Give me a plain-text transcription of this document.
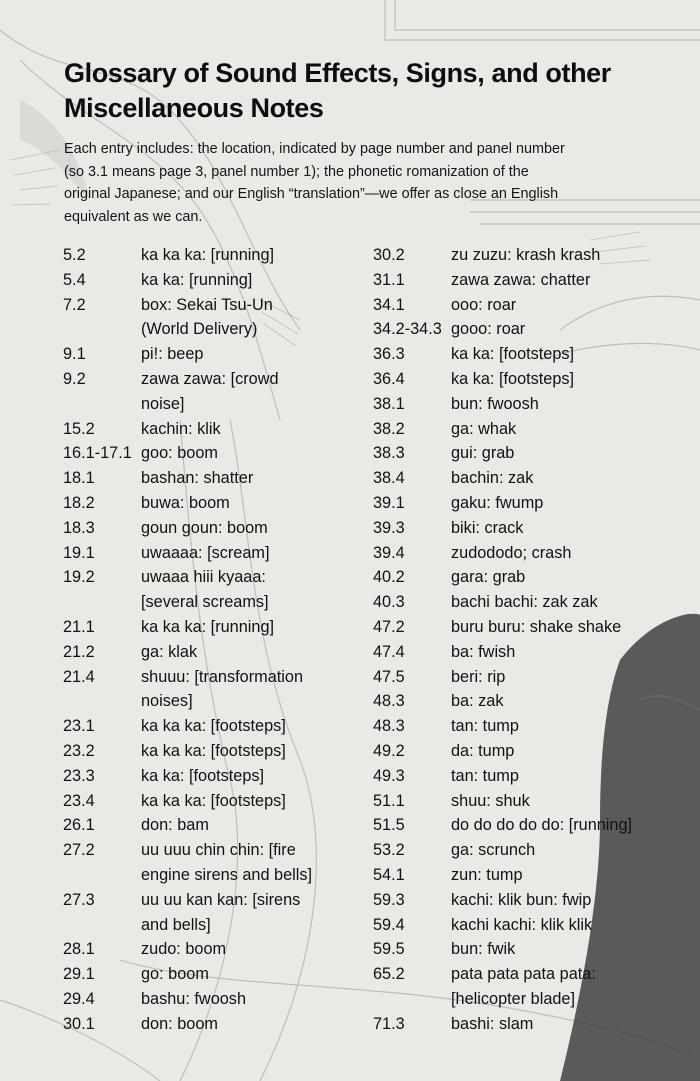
Glossary of Sound Effects, Signs, and other
Miscellaneous Notes
Each entry includes: the location, indicated by page number and panel number
(so 3.1 means page 3, panel number 1); the phonetic romanization of the
original Japanese; and our English “translation”—we offer as close an English
equivalent as we can.
5.2	ka ka ka: [running]
5.4	ka ka: [running]
7.2	box: Sekai Tsu-Un
(World Delivery)
9.1	pi!: beep
9.2	zawa zawa: [crowd
noise]
15.2	kachin: klik
16.1-17.1 goo: boom
18.1	bashan: shatter
18.2	buwa: boom
18.3	goun goun: boom
19.1	uwaaaa: [scream]
19.2	uwaaa hiii kyaaa:
[several screams]
21.1	ka ka ka: [running]
21.2	ga: klak
21.4	shuuu: [transformation
noises]
23.1	ka ka ka: [footsteps]
23.2	ka ka ka: [footsteps]
23.3	ka ka: [footsteps]
23.4	ka ka ka: [footsteps]
26.1	don: bam
27.2	uu uuu chin chin: [fire
engine sirens and bells]
27.3	uu uu kan kan: [sirens
and bells]
28.1	zudo: boom
29.1	go: boom
29.4	bashu: fwoosh
30.1	don: boom
30.2	zu zuzu: krash krash
31.1	zawa zawa: chatter
34.1	ooo: roar
34.2-34.3 gooo: roar
36.3	ka ka: [footsteps]
36.4	ka ka: [footsteps]
38.1	bun: fwoosh
38.2	ga: whak
38.3	gui: grab
38.4	bachin: zak
39.1	gaku: fwump
39.3	biki: crack
39.4	zudododo; crash
40.2	gara: grab
40.3	bachi bachi: zak zak
47.2	buru buru: shake shake
47.4	ba: fwish
47.5	beri: rip
48.3	ba: zak
48.3	tan: tump
49.2	da: tump
49.3	tan: tump
51.1	shuu: shuk
51.5	do do do do do: [running]
53.2	ga: scrunch
54.1	zun: tump
59.3	kachi: klik bun: fwip
59.4	kachi kachi: klik klik
59.5	bun: fwik
65.2	pata pata pata pata:
[helicopter blade]
71.3	bashi: slam
